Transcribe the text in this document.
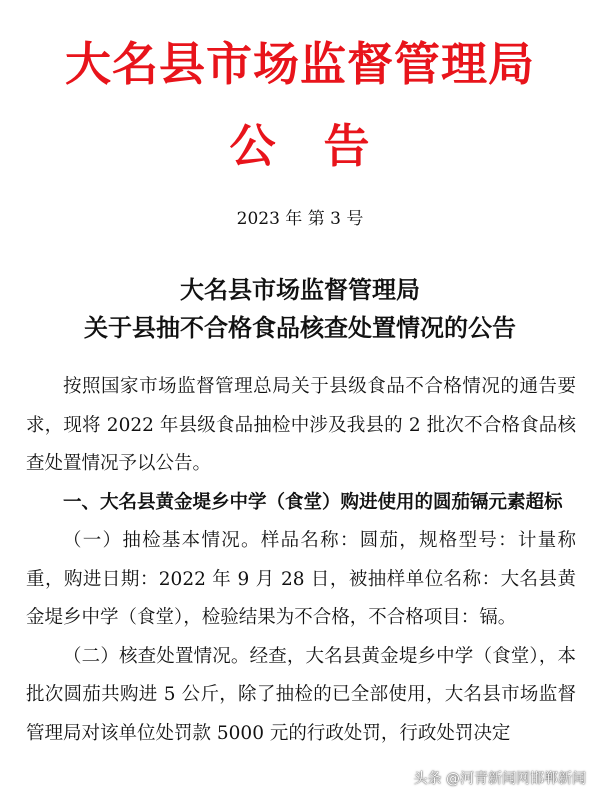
大名县市场监督管理局
公　告
2023 年 第 3 号
大名县市场监督管理局
关于县抽不合格食品核查处置情况的公告

按照国家市场监督管理总局关于县级食品不合格情况的通告要求，现将 2022 年县级食品抽检中涉及我县的 2 批次不合格食品核查处置情况予以公告。

一、大名县黄金堤乡中学（食堂）购进使用的圆茄镉元素超标

（一）抽检基本情况。样品名称：圆茄，规格型号：计量称重，购进日期：2022 年 9 月 28 日，被抽样单位名称：大名县黄金堤乡中学（食堂），检验结果为不合格，不合格项目：镉。

（二）核查处置情况。经查，大名县黄金堤乡中学（食堂），本批次圆茄共购进 5 公斤，除了抽检的已全部使用，大名县市场监督管理局对该单位处罚款 5000 元的行政处罚，行政处罚决定

头条 @河青新闻网邯郸新闻
